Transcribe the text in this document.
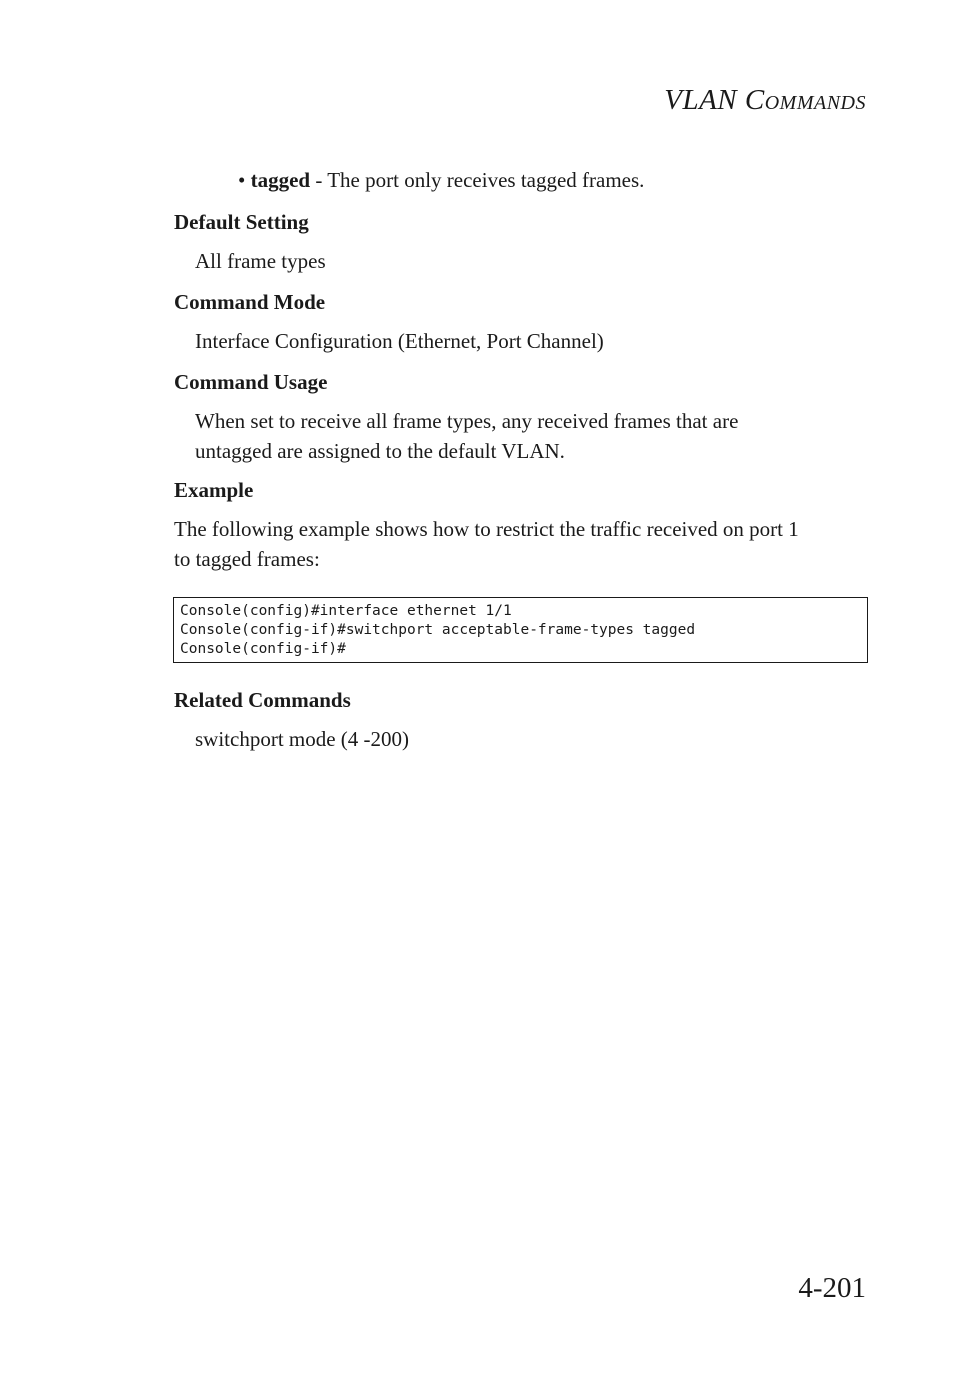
VLAN Commands
• tagged - The port only receives tagged frames.
Default Setting
All frame types
Command Mode
Interface Configuration (Ethernet, Port Channel)
Command Usage
When set to receive all frame types, any received frames that are
untagged are assigned to the default VLAN.
Example
The following example shows how to restrict the traffic received on port 1
to tagged frames:
Console(config)#interface ethernet 1/1
Console(config-if)#switchport acceptable-frame-types tagged
Console(config-if)#
Related Commands
switchport mode (4 -200)
4-201
